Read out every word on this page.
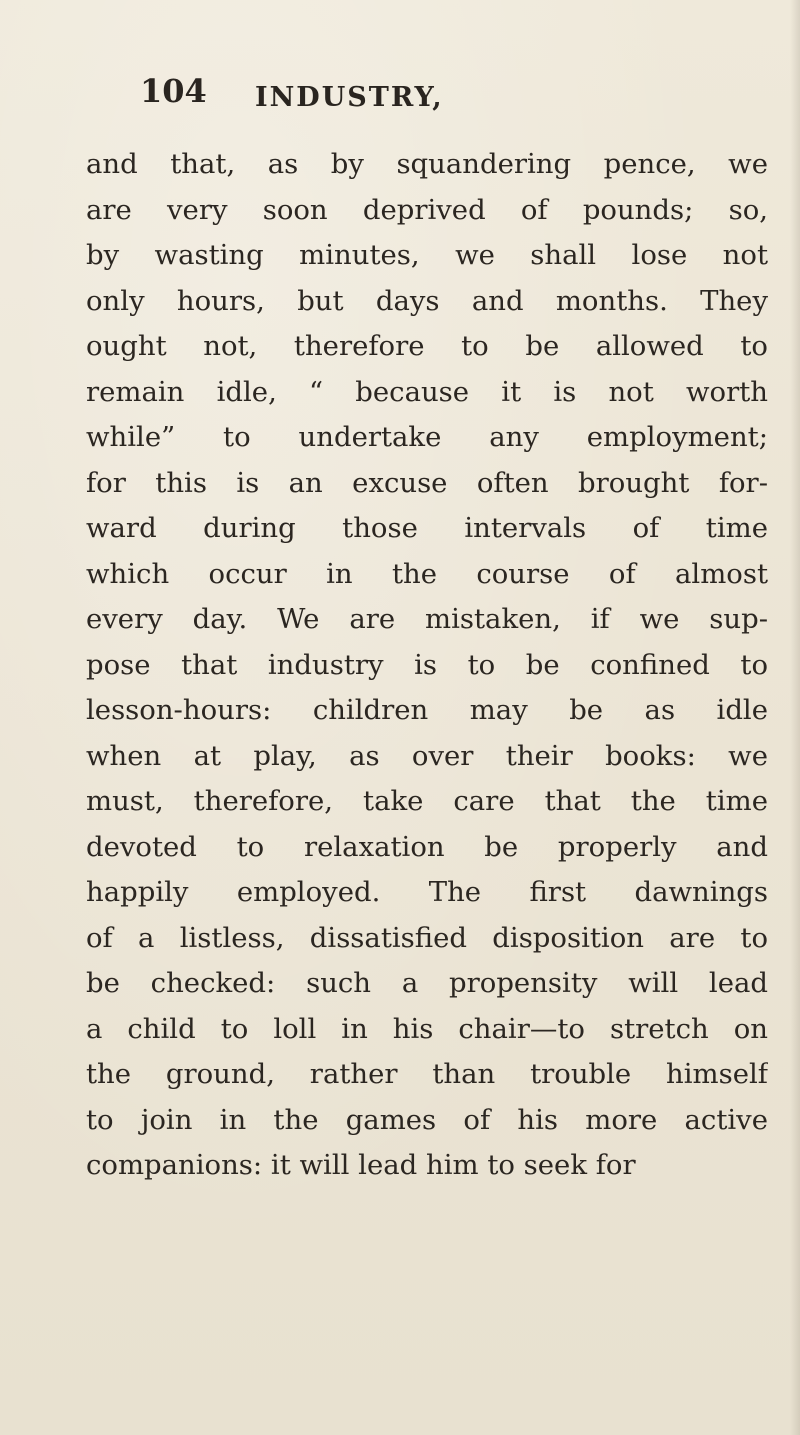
104 INDUSTRY,
and that, as by squandering pence, we
are very soon deprived of pounds; so,
by wasting minutes, we shall lose not
only hours, but days and months. They
ought not, therefore to be allowed to
remain idle, “ because it is not worth
while” to undertake any employment;
for this is an excuse often brought for-
ward during those intervals of time
which occur in the course of almost
every day. We are mistaken, if we sup-
pose that industry is to be confined to
lesson-hours: children may be as idle
when at play, as over their books: we
must, therefore, take care that the time
devoted to relaxation be properly and
happily employed. The first dawnings
of a listless, dissatisfied disposition are to
be checked: such a propensity will lead
a child to loll in his chair—to stretch on
the ground, rather than trouble himself
to join in the games of his more active
companions: it will lead him to seek for
